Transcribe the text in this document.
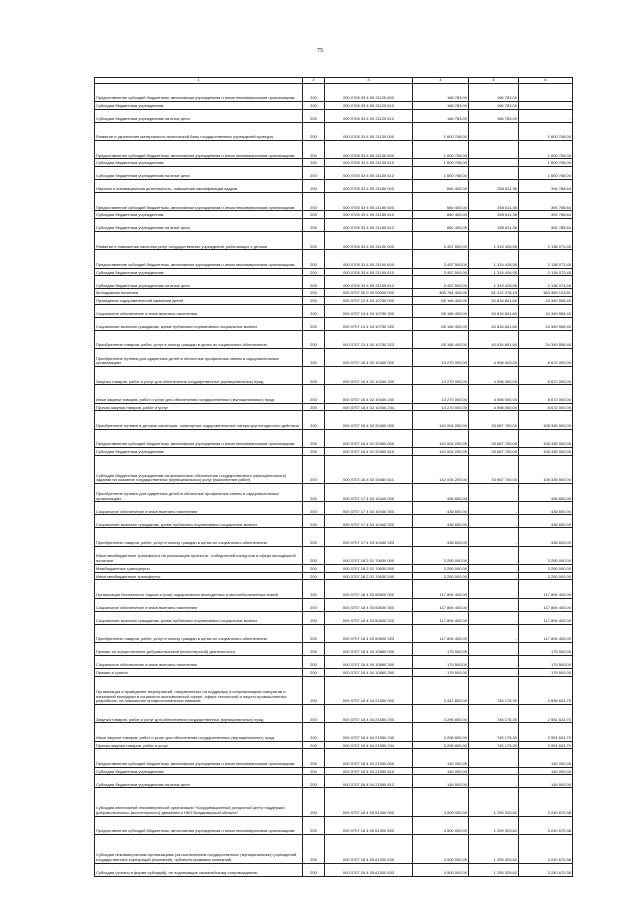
75
1	2	3	4	5	6
Предоставление субсидий бюджетным, автономным учреждениям и иным некоммерческим организациям	200	000 0705 33 4 05 21120 600	166 783,00	166 783,00	-
Субсидии бюджетным учреждениям	200	000 0705 33 4 05 21120 610	166 783,00	166 783,00	-
Субсидии бюджетным учреждениям на иные цели	200	000 0705 33 4 05 21120 612	166 783,00	166 783,00	-
Развитие и укрепление материально-технической базы государственных учреждений культуры	200	000 0705 33 4 05 21130 000	1 600 708,00		1 600 708,00
Предоставление субсидий бюджетным, автономным учреждениям и иным некоммерческим организациям	200	000 0705 33 4 05 21130 600	1 600 708,00	-	1 600 708,00
Субсидии бюджетным учреждениям	200	000 0705 33 4 05 21130 610	1 600 708,00	-	1 600 708,00
Субсидии бюджетным учреждениям на иные цели	200	000 0705 33 4 05 21130 612	1 600 708,00	-	1 600 708,00
Научная и инновационная деятельность, повышение квалификации кадров	200	000 0705 33 4 05 21180 000	660 400,00	265 611,36	394 788,64
Предоставление субсидий бюджетным, автономным учреждениям и иным некоммерческим организациям	200	000 0705 33 4 05 21180 600	660 400,00	265 611,36	394 788,64
Субсидии бюджетным учреждениям	200	000 0705 33 4 05 21180 610	660 400,00	265 611,36	394 788,64
Субсидии бюджетным учреждениям на иные цели	200	000 0705 33 4 05 21180 612	660 400,00	265 611,36	394 788,64
Развитие и повышение качества услуг государственных учреждений, работающих с детьми	200	000 0705 33 4 05 21190 000	3 457 500,00	1 319 426,55	2 138 073,45
Предоставление субсидий бюджетным, автономным учреждениям и иным некоммерческим организациям	200	000 0705 33 4 05 21190 600	3 457 500,00	1 319 426,55	2 138 073,45
Субсидии бюджетным учреждениям	200	000 0705 33 4 05 21190 610	3 457 500,00	1 319 426,55	2 138 073,45
Субсидии бюджетным учреждениям на иные цели	200	000 0705 33 4 05 21190 612	3 457 500,00	1 319 426,55	2 138 073,45
Молодежная политика	200	000 0707 00 0 00 00000 000	465 781 400,00	81 412 276,19	384 369 123,81
Проведение оздоровительной кампании детей	200	000 0707 13 4 04 10750 000	65 166 400,00	40 816 841,60	24 349 558,40
Социальное обеспечение и иные выплаты населению	200	000 0707 13 4 04 10750 300	65 166 400,00	40 816 841,60	24 349 558,40
Социальные выплаты гражданам, кроме публичных нормативных социальных выплат	200	000 0707 13 4 04 10750 320	65 166 400,00	40 816 841,60	24 349 558,40
Приобретение товаров, работ, услуг в пользу граждан в целях их социального обеспечения	200	000 0707 13 4 04 10750 323	65 166 400,00	40 816 841,60	24 349 558,40
Приобретение путевок для одаренных детей в областные профильные смены в оздоровительных организациях	200	000 0707 16 4 02 10440 000	13 270 000,00	4 598 000,00	8 672 000,00
Закупка товаров, работ и услуг для обеспечения государственных (муниципальных) нужд	200	000 0707 16 4 02 10440 200	13 270 000,00	4 598 000,00	8 672 000,00
Иные закупки товаров, работ и услуг для обеспечения государственных (муниципальных) нужд	200	000 0707 16 4 02 10440 240	13 270 000,00	4 598 000,00	8 672 000,00
Прочая закупка товаров, работ и услуг	200	000 0707 16 4 02 10440 244	13 270 000,00	4 598 000,00	8 672 000,00
Приобретение путевок в детские санатории, санаторные оздоровительные лагеря круглогодичного действия	200	000 0707 16 4 02 20460 000	142 004 200,00	33 667 700,00	108 336 500,00
Предоставление субсидий бюджетным, автономным учреждениям и иным некоммерческим организациям	200	000 0707 16 4 02 20460 600	142 004 200,00	33 667 700,00	108 336 500,00
Субсидии бюджетным учреждениям	200	000 0707 16 4 02 20460 610	142 004 200,00	33 667 700,00	108 336 500,00
Субсидии бюджетным учреждениям на финансовое обеспечение государственного (муниципального) задания на оказание государственных (муниципальных) услуг (выполнение работ)	200	000 0707 16 4 02 20460 611	142 004 200,00	33 667 700,00	108 336 500,00
Приобретение путевок для одаренных детей в областные профильные смены в оздоровительных организациях	200	000 0707 17 4 03 10440 000	438 600,00	-	438 600,00
Социальное обеспечение и иные выплаты населению	200	000 0707 17 4 03 10440 300	438 600,00	-	438 600,00
Социальные выплаты гражданам, кроме публичных нормативных социальных выплат	200	000 0707 17 4 03 10440 320	438 600,00	-	438 600,00
Приобретение товаров, работ, услуг в пользу граждан в целях их социального обеспечения	200	000 0707 17 4 03 10440 323	438 600,00	-	438 600,00
Иные межбюджетные трансферты на реализацию проектов - победителей конкурсов в сфере молодежной политики	200	000 0707 18 2 01 70630 000	3 250 000,00	-	3 250 000,00
Межбюджетные трансферты	200	000 0707 18 2 01 70630 500	3 250 000,00	-	3 250 000,00
Иные межбюджетные трансферты	200	000 0707 18 2 01 70630 540	3 250 000,00	-	3 250 000,00
Организация бесплатного отдыха и (или) оздоровления многодетных и малообеспеченных семей	200	000 0707 18 4 03 60600 000	117 894 400,00	-	117 894 400,00
Социальное обеспечение и иные выплаты населению	200	000 0707 18 4 03 60600 300	117 894 400,00	-	117 894 400,00
Социальные выплаты гражданам, кроме публичных нормативных социальных выплат	200	000 0707 18 4 03 60600 320	117 894 400,00	-	117 894 400,00
Приобретение товаров, работ, услуг в пользу граждан в целях их социального обеспечения	200	000 0707 18 4 03 60600 323	117 894 400,00	-	117 894 400,00
Премии за осуществление добровольческой (волонтерской) деятельности	200	000 0707 18 4 04 10860 000	179 500,00	-	179 500,00
Социальное обеспечение и иные выплаты населению	200	000 0707 18 4 04 10860 300	179 500,00	-	179 500,00
Премии и гранты	200	000 0707 18 4 04 10860 350	179 500,00	-	179 500,00
Организация и проведение мероприятий, направленных на поддержку и популяризацию инициатив и начинаний молодежи в социально-экономической сфере, сфере технологий и научно-промышленных разработок, на повышение профессиональных навыков	200	000 0707 18 4 04 21550 000	3 441 800,00	745 175,30	2 696 624,70
Закупка товаров, работ и услуг для обеспечения государственных (муниципальных) нужд	200	000 0707 18 4 04 21550 200	3 296 800,00	745 175,30	2 551 624,70
Иные закупки товаров, работ и услуг для обеспечения государственных (муниципальных) нужд	200	000 0707 18 4 04 21550 240	3 296 800,00	745 175,30	2 551 624,70
Прочая закупка товаров, работ и услуг	200	000 0707 18 4 04 21550 244	3 296 800,00	745 175,30	2 551 624,70
Предоставление субсидий бюджетным, автономным учреждениям и иным некоммерческим организациям	200	000 0707 18 4 04 21550 600	145 000,00	-	145 000,00
Субсидии бюджетным учреждениям	200	000 0707 18 4 04 21550 610	145 000,00	-	145 000,00
Субсидии бюджетным учреждениям на иные цели	200	000 0707 18 4 04 21550 612	145 000,00	-	145 000,00
Субсидия автономной некоммерческой организации "Координационный ресурсный центр поддержки добровольческого (волонтерского) движения и НКО Владимирской области"	200	000 0707 18 4 05 61300 000	4 500 000,00	1 259 329,62	3 240 670,38
Предоставление субсидий бюджетным, автономным учреждениям и иным некоммерческим организациям	200	000 0707 18 4 05 61300 600	4 500 000,00	1 259 329,62	3 240 670,38
Субсидии некоммерческим организациям (за исключением государственных (муниципальных) учреждений, государственных корпораций (компаний), публично-правовых компаний)	200	000 0707 18 4 05 61300 630	4 500 000,00	1 259 329,62	3 240 670,38
Субсидии (гранты в форме субсидий), не подлежащие казначейскому сопровождению	200	000 0707 18 4 05 61300 633	4 500 000,00	1 259 329,62	3 240 670,38
